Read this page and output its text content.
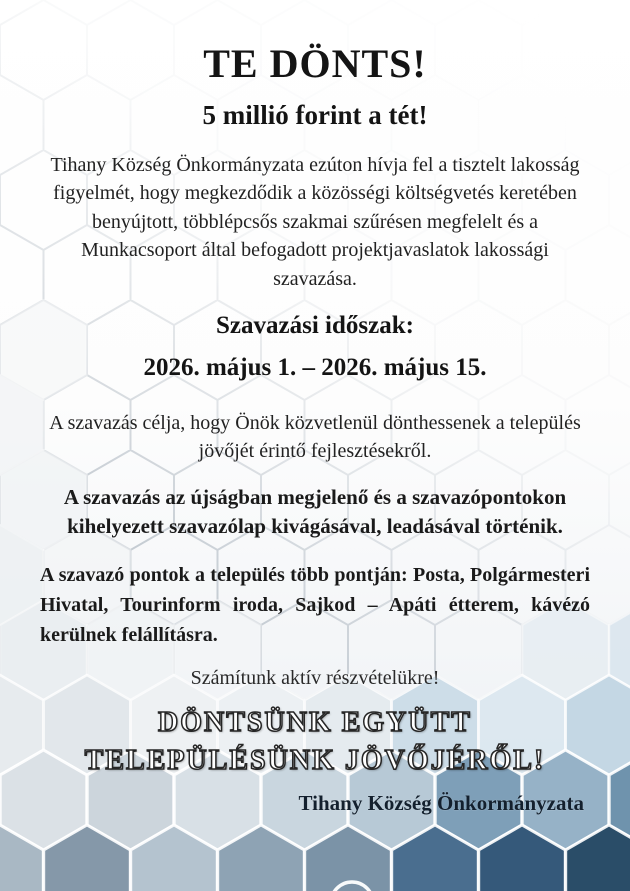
TE DÖNTS!
5 millió forint a tét!

Tihany Község Önkormányzata ezúton hívja fel a tisztelt lakosság figyelmét, hogy megkezdődik a közösségi költségvetés keretében benyújtott, többlépcsős szakmai szűrésen megfelelt és a Munkacsoport által befogadott projektjavaslatok lakossági szavazása.

Szavazási időszak:
2026. május 1. – 2026. május 15.

A szavazás célja, hogy Önök közvetlenül dönthessenek a település jövőjét érintő fejlesztésekről.

A szavazás az újságban megjelenő és a szavazópontokon kihelyezett szavazólap kivágásával, leadásával történik.

A szavazó pontok a település több pontján: Posta, Polgármesteri Hivatal, Tourinform iroda, Sajkod – Apáti étterem, kávézó kerülnek felállításra.

Számítunk aktív részvételükre!

DÖNTSÜNK EGYÜTT
TELEPÜLÉSÜNK JÖVŐJÉRŐL!
Tihany Község Önkormányzata
